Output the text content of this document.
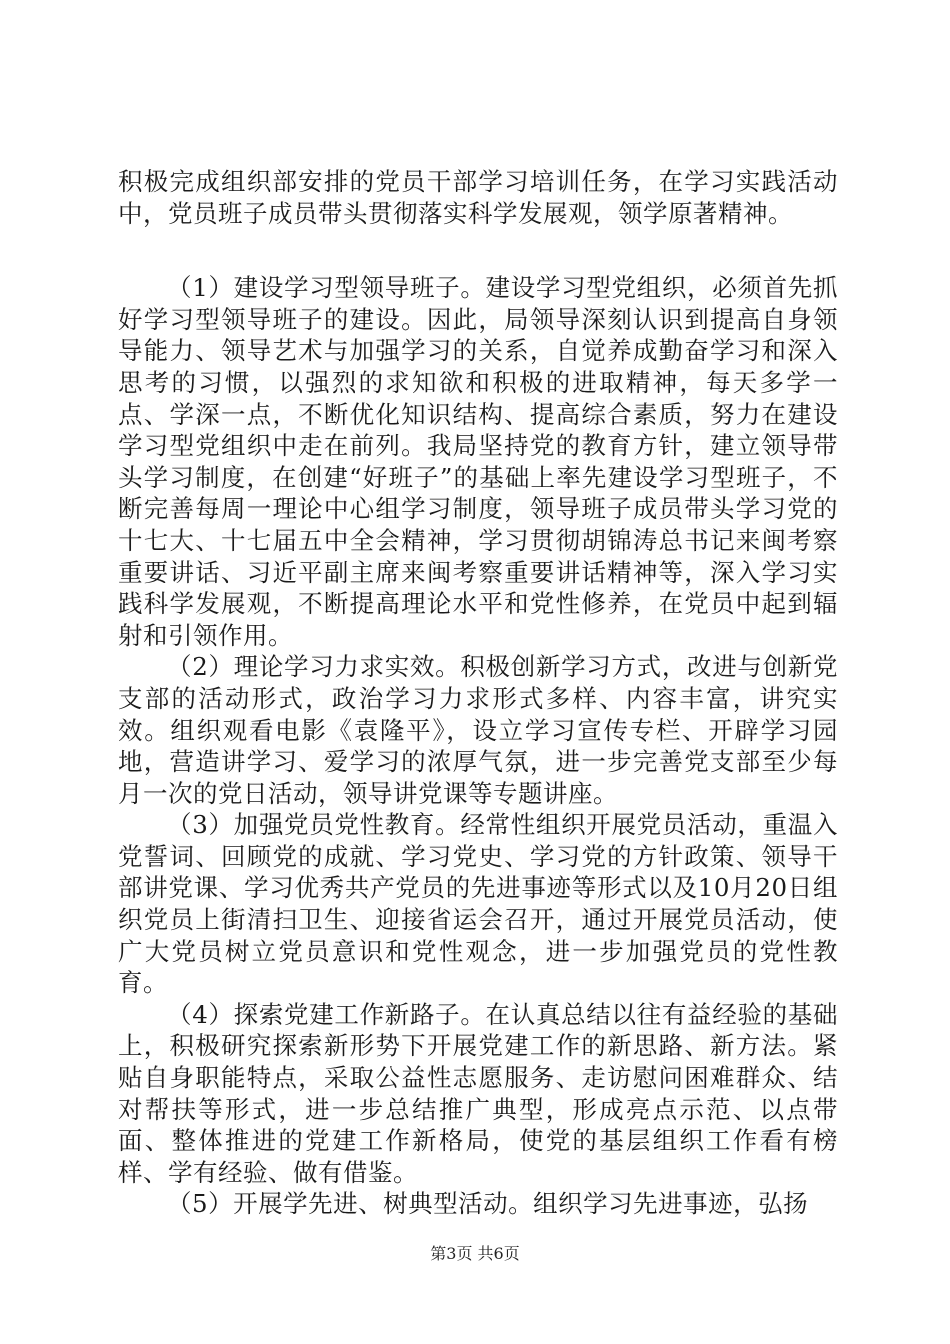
积极完成组织部安排的党员干部学习培训任务，在学习实践活动中，党员班子成员带头贯彻落实科学发展观，领学原著精神。

（1）建设学习型领导班子。建设学习型党组织，必须首先抓好学习型领导班子的建设。因此，局领导深刻认识到提高自身领导能力、领导艺术与加强学习的关系，自觉养成勤奋学习和深入思考的习惯，以强烈的求知欲和积极的进取精神，每天多学一点、学深一点，不断优化知识结构、提高综合素质，努力在建设学习型党组织中走在前列。我局坚持党的教育方针，建立领导带头学习制度，在创建“好班子”的基础上率先建设学习型班子，不断完善每周一理论中心组学习制度，领导班子成员带头学习党的十七大、十七届五中全会精神，学习贯彻胡锦涛总书记来闽考察重要讲话、习近平副主席来闽考察重要讲话精神等，深入学习实践科学发展观，不断提高理论水平和党性修养，在党员中起到辐射和引领作用。

（2）理论学习力求实效。积极创新学习方式，改进与创新党支部的活动形式，政治学习力求形式多样、内容丰富，讲究实效。组织观看电影《袁隆平》，设立学习宣传专栏、开辟学习园地，营造讲学习、爱学习的浓厚气氛，进一步完善党支部至少每月一次的党日活动，领导讲党课等专题讲座。

（3）加强党员党性教育。经常性组织开展党员活动，重温入党誓词、回顾党的成就、学习党史、学习党的方针政策、领导干部讲党课、学习优秀共产党员的先进事迹等形式以及10月20日组织党员上街清扫卫生、迎接省运会召开，通过开展党员活动，使广大党员树立党员意识和党性观念，进一步加强党员的党性教育。

（4）探索党建工作新路子。在认真总结以往有益经验的基础上，积极研究探索新形势下开展党建工作的新思路、新方法。紧贴自身职能特点，采取公益性志愿服务、走访慰问困难群众、结对帮扶等形式，进一步总结推广典型，形成亮点示范、以点带面、整体推进的党建工作新格局，使党的基层组织工作看有榜样、学有经验、做有借鉴。

（5）开展学先进、树典型活动。组织学习先进事迹，弘扬

第3页 共6页
